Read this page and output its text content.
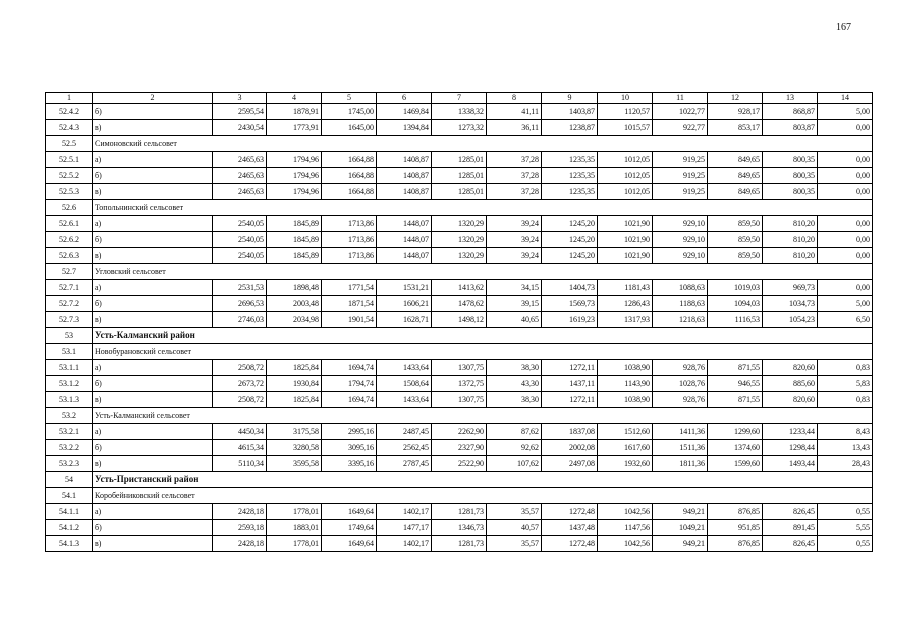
167
1	2	3	4	5	6	7	8	9	10	11	12	13	14
52.4.2	б)	2595,54	1878,91	1745,00	1469,84	1338,32	41,11	1403,87	1120,57	1022,77	928,17	868,87	5,00
52.4.3	в)	2430,54	1773,91	1645,00	1394,84	1273,32	36,11	1238,87	1015,57	922,77	853,17	803,87	0,00
52.5	Симоновский сельсовет												
52.5.1	а)	2465,63	1794,96	1664,88	1408,87	1285,01	37,28	1235,35	1012,05	919,25	849,65	800,35	0,00
52.5.2	б)	2465,63	1794,96	1664,88	1408,87	1285,01	37,28	1235,35	1012,05	919,25	849,65	800,35	0,00
52.5.3	в)	2465,63	1794,96	1664,88	1408,87	1285,01	37,28	1235,35	1012,05	919,25	849,65	800,35	0,00
52.6	Топольнинский сельсовет												
52.6.1	а)	2540,05	1845,89	1713,86	1448,07	1320,29	39,24	1245,20	1021,90	929,10	859,50	810,20	0,00
52.6.2	б)	2540,05	1845,89	1713,86	1448,07	1320,29	39,24	1245,20	1021,90	929,10	859,50	810,20	0,00
52.6.3	в)	2540,05	1845,89	1713,86	1448,07	1320,29	39,24	1245,20	1021,90	929,10	859,50	810,20	0,00
52.7	Угловский сельсовет												
52.7.1	а)	2531,53	1898,48	1771,54	1531,21	1413,62	34,15	1404,73	1181,43	1088,63	1019,03	969,73	0,00
52.7.2	б)	2696,53	2003,48	1871,54	1606,21	1478,62	39,15	1569,73	1286,43	1188,63	1094,03	1034,73	5,00
52.7.3	в)	2746,03	2034,98	1901,54	1628,71	1498,12	40,65	1619,23	1317,93	1218,63	1116,53	1054,23	6,50
53	Усть-Калманский район												
53.1	Новобурановский сельсовет												
53.1.1	а)	2508,72	1825,84	1694,74	1433,64	1307,75	38,30	1272,11	1038,90	928,76	871,55	820,60	0,83
53.1.2	б)	2673,72	1930,84	1794,74	1508,64	1372,75	43,30	1437,11	1143,90	1028,76	946,55	885,60	5,83
53.1.3	в)	2508,72	1825,84	1694,74	1433,64	1307,75	38,30	1272,11	1038,90	928,76	871,55	820,60	0,83
53.2	Усть-Калманский сельсовет												
53.2.1	а)	4450,34	3175,58	2995,16	2487,45	2262,90	87,62	1837,08	1512,60	1411,36	1299,60	1233,44	8,43
53.2.2	б)	4615,34	3280,58	3095,16	2562,45	2327,90	92,62	2002,08	1617,60	1511,36	1374,60	1298,44	13,43
53.2.3	в)	5110,34	3595,58	3395,16	2787,45	2522,90	107,62	2497,08	1932,60	1811,36	1599,60	1493,44	28,43
54	Усть-Пристанский район												
54.1	Коробейниковский сельсовет												
54.1.1	а)	2428,18	1778,01	1649,64	1402,17	1281,73	35,57	1272,48	1042,56	949,21	876,85	826,45	0,55
54.1.2	б)	2593,18	1883,01	1749,64	1477,17	1346,73	40,57	1437,48	1147,56	1049,21	951,85	891,45	5,55
54.1.3	в)	2428,18	1778,01	1649,64	1402,17	1281,73	35,57	1272,48	1042,56	949,21	876,85	826,45	0,55
